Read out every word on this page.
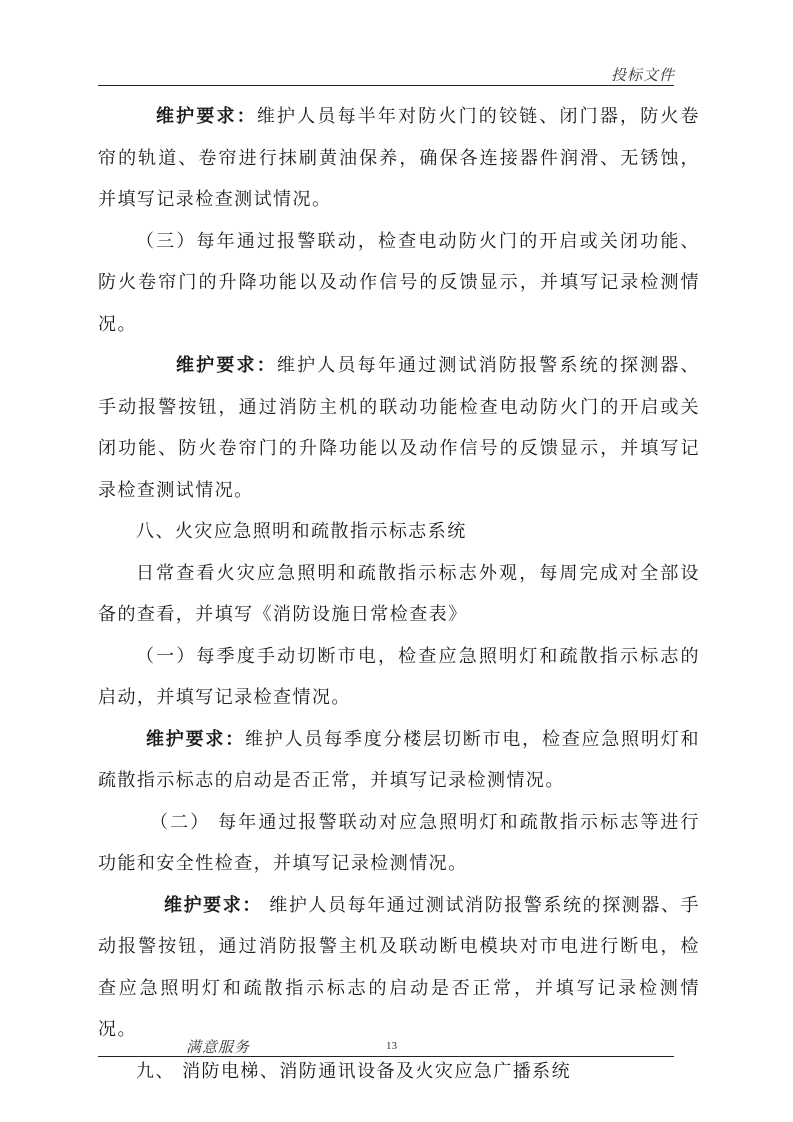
投标文件

维护要求：维护人员每半年对防火门的铰链、闭门器，防火卷帘的轨道、卷帘进行抹刷黄油保养，确保各连接器件润滑、无锈蚀，并填写记录检查测试情况。

（三）每年通过报警联动，检查电动防火门的开启或关闭功能、防火卷帘门的升降功能以及动作信号的反馈显示，并填写记录检测情况。

维护要求：维护人员每年通过测试消防报警系统的探测器、手动报警按钮，通过消防主机的联动功能检查电动防火门的开启或关闭功能、防火卷帘门的升降功能以及动作信号的反馈显示，并填写记录检查测试情况。

八、火灾应急照明和疏散指示标志系统

日常查看火灾应急照明和疏散指示标志外观，每周完成对全部设备的查看，并填写《消防设施日常检查表》

（一）每季度手动切断市电，检查应急照明灯和疏散指示标志的启动，并填写记录检查情况。

维护要求：维护人员每季度分楼层切断市电，检查应急照明灯和疏散指示标志的启动是否正常，并填写记录检测情况。

（二） 每年通过报警联动对应急照明灯和疏散指示标志等进行功能和安全性检查，并填写记录检测情况。

维护要求： 维护人员每年通过测试消防报警系统的探测器、手动报警按钮，通过消防报警主机及联动断电模块对市电进行断电，检查应急照明灯和疏散指示标志的启动是否正常，并填写记录检测情况。

九、 消防电梯、消防通讯设备及火灾应急广播系统

满意服务	13
